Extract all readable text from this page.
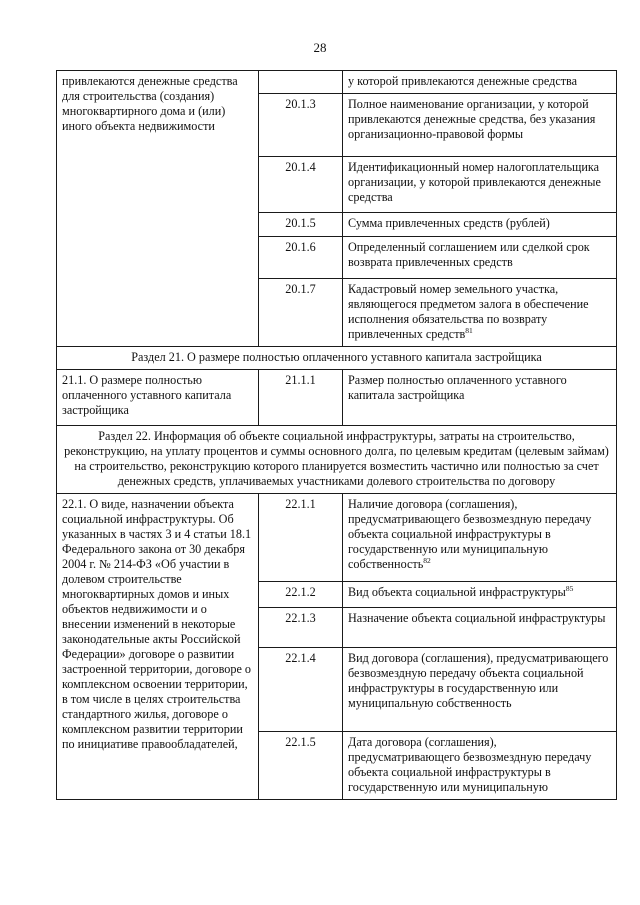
28
привлекаются денежные средства для строительства (создания) многоквартирного дома и (или) иного объекта недвижимости		у которой привлекаются денежные средства
	20.1.3	Полное наименование организации, у которой привлекаются денежные средства, без указания организационно-правовой формы
	20.1.4	Идентификационный номер налогоплательщика организации, у которой привлекаются денежные средства
	20.1.5	Сумма привлеченных средств (рублей)
	20.1.6	Определенный соглашением или сделкой срок возврата привлеченных средств
	20.1.7	Кадастровый номер земельного участка, являющегося предметом залога в обеспечение исполнения обязательства по возврату привлеченных средств$^{81}$
Раздел 21. О размере полностью оплаченного уставного капитала застройщика		
21.1. О размере полностью оплаченного уставного капитала застройщика	21.1.1	Размер полностью оплаченного уставного капитала застройщика
Раздел 22. Информация об объекте социальной инфраструктуры, затраты на строительство, реконструкцию, на уплату процентов и суммы основного долга, по целевым кредитам (целевым займам) на строительство, реконструкцию которого планируется возместить частично или полностью за счет денежных средств, уплачиваемых участниками долевого строительства по договору		
22.1. О виде, назначении объекта социальной инфраструктуры. Об указанных в частях 3 и 4 статьи 18.1 Федерального закона от 30 декабря 2004 г. № 214-ФЗ «Об участии в долевом строительстве многоквартирных домов и иных объектов недвижимости и о внесении изменений в некоторые законодательные акты Российской Федерации» договоре о развитии застроенной территории, договоре о комплексном освоении территории, в том числе в целях строительства стандартного жилья, договоре о комплексном развитии территории по инициативе правообладателей,	22.1.1	Наличие договора (соглашения), предусматривающего безвозмездную передачу объекта социальной инфраструктуры в государственную или муниципальную собственность$^{82}$
	22.1.2	Вид объекта социальной инфраструктуры$^{85}$
	22.1.3	Назначение объекта социальной инфраструктуры
	22.1.4	Вид договора (соглашения), предусматривающего безвозмездную передачу объекта социальной инфраструктуры в государственную или муниципальную собственность
	22.1.5	Дата договора (соглашения), предусматривающего безвозмездную передачу объекта социальной инфраструктуры в государственную или муниципальную
